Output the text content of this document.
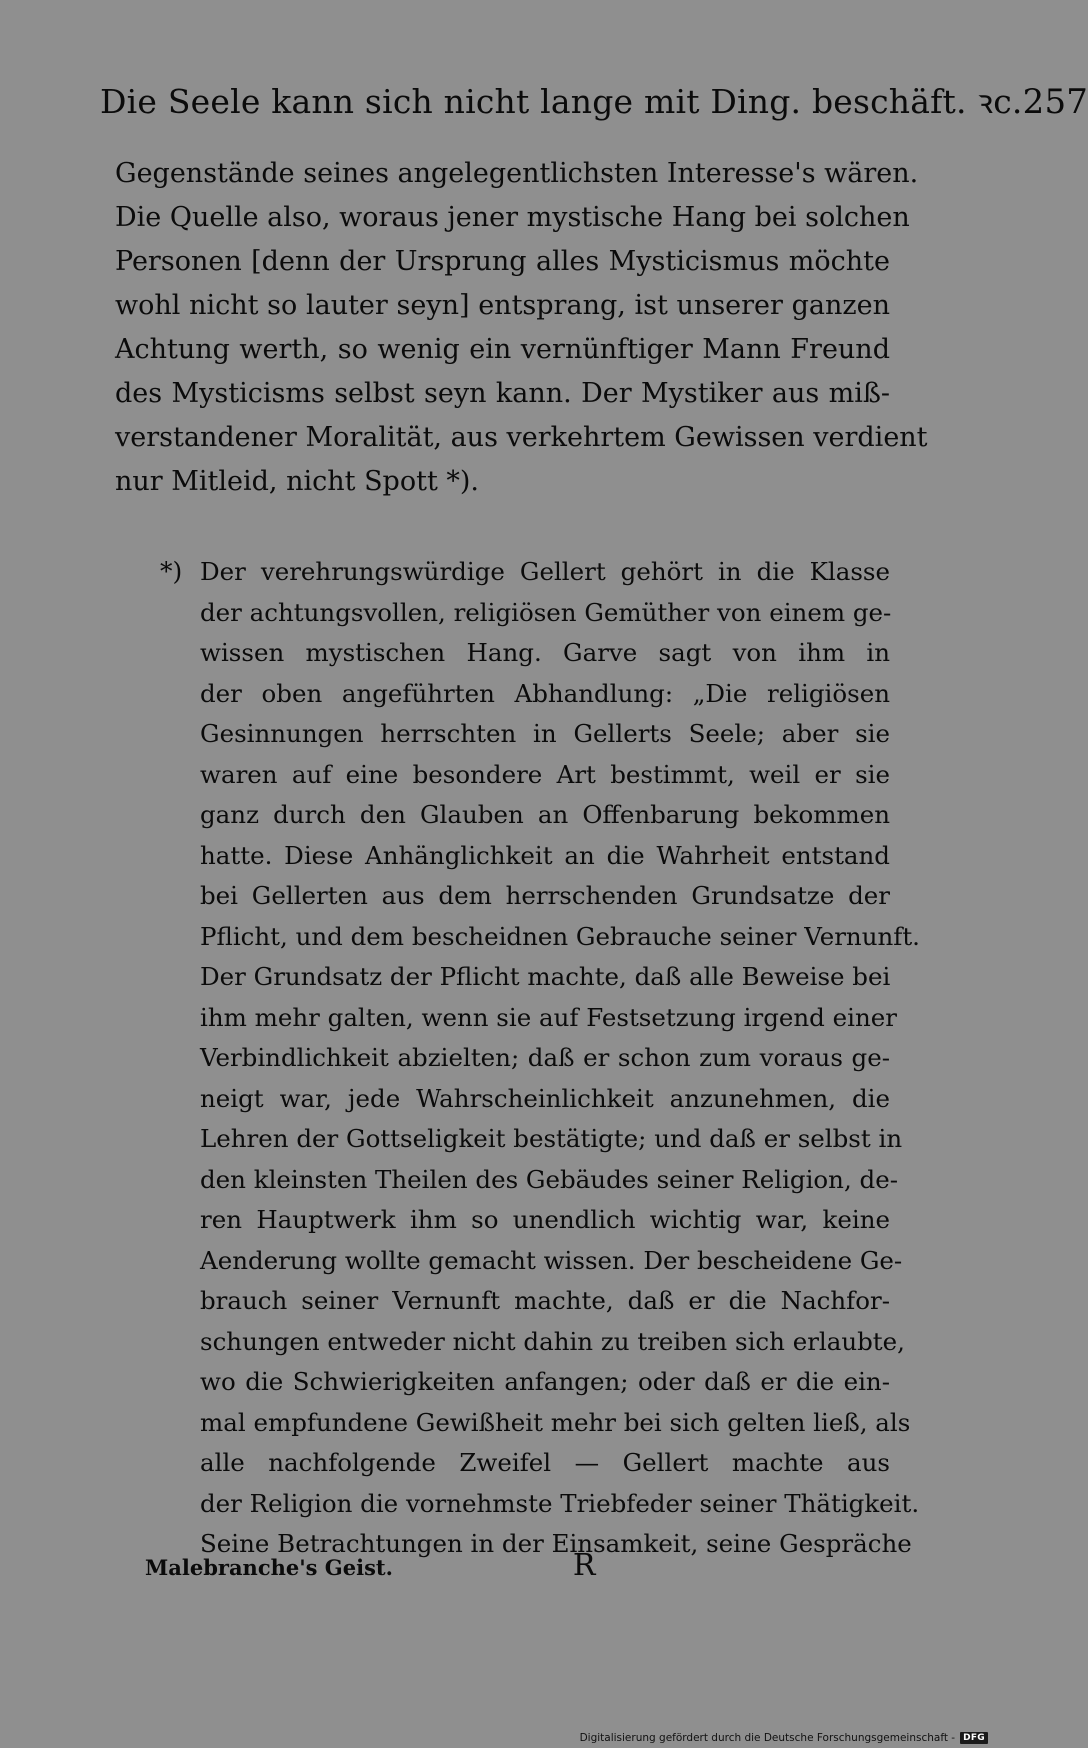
Die Seele kann sich nicht lange mit Ding. beschäft. ꝛc. 257
Gegenstände seines angelegentlichsten Interesse's wären.
Die Quelle also, woraus jener mystische Hang bei solchen
Personen [denn der Ursprung alles Mysticismus möchte
wohl nicht so lauter seyn] entsprang, ist unserer ganzen
Achtung werth, so wenig ein vernünftiger Mann Freund
des Mysticisms selbst seyn kann. Der Mystiker aus miß-
verstandener Moralität, aus verkehrtem Gewissen verdient
nur Mitleid, nicht Spott *).
*) Der verehrungswürdige Gellert gehört in die Klasse
der achtungsvollen, religiösen Gemüther von einem ge-
wissen mystischen Hang. Garve sagt von ihm in
der oben angeführten Abhandlung: „Die religiösen
Gesinnungen herrschten in Gellerts Seele; aber sie
waren auf eine besondere Art bestimmt, weil er sie
ganz durch den Glauben an Offenbarung bekommen
hatte. Diese Anhänglichkeit an die Wahrheit entstand
bei Gellerten aus dem herrschenden Grundsatze der
Pflicht, und dem bescheidnen Gebrauche seiner Vernunft.
Der Grundsatz der Pflicht machte, daß alle Beweise bei
ihm mehr galten, wenn sie auf Festsetzung irgend einer
Verbindlichkeit abzielten; daß er schon zum voraus ge-
neigt war, jede Wahrscheinlichkeit anzunehmen, die
Lehren der Gottseligkeit bestätigte; und daß er selbst in
den kleinsten Theilen des Gebäudes seiner Religion, de-
ren Hauptwerk ihm so unendlich wichtig war, keine
Aenderung wollte gemacht wissen. Der bescheidene Ge-
brauch seiner Vernunft machte, daß er die Nachfor-
schungen entweder nicht dahin zu treiben sich erlaubte,
wo die Schwierigkeiten anfangen; oder daß er die ein-
mal empfundene Gewißheit mehr bei sich gelten ließ, als
alle nachfolgende Zweifel — Gellert machte aus
der Religion die vornehmste Triebfeder seiner Thätigkeit.
Seine Betrachtungen in der Einsamkeit, seine Gespräche
Malebranche's Geist.	R
Digitalisierung gefördert durch die Deutsche Forschungsgemeinschaft - DFG
